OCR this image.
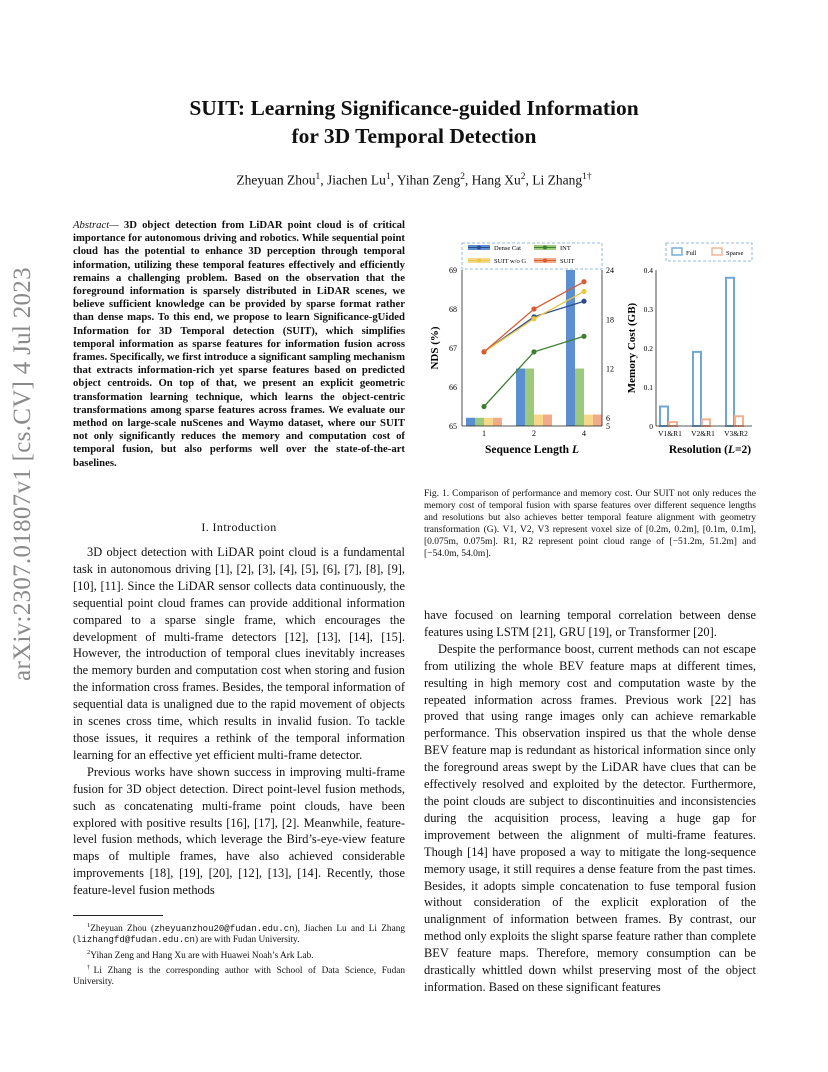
arXiv:2307.01807v1 [cs.CV] 4 Jul 2023
SUIT: Learning Significance-guided Information
for 3D Temporal Detection
Zheyuan Zhou$^1$, Jiachen Lu$^1$, Yihan Zeng$^2$, Hang Xu$^2$, Li Zhang$^{1\dagger}$
Abstract— 3D object detection from LiDAR point cloud is of critical importance for autonomous driving and robotics. While sequential point cloud has the potential to enhance 3D perception through temporal information, utilizing these temporal features effectively and efficiently remains a challenging problem. Based on the observation that the foreground information is sparsely distributed in LiDAR scenes, we believe sufficient knowledge can be provided by sparse format rather than dense maps. To this end, we propose to learn Significance-gUided Information for 3D Temporal detection (SUIT), which simplifies temporal information as sparse features for information fusion across frames. Specifically, we first introduce a significant sampling mechanism that extracts information-rich yet sparse features based on predicted object centroids. On top of that, we present an explicit geometric transformation learning technique, which learns the object-centric transformations among sparse features across frames. We evaluate our method on large-scale nuScenes and Waymo dataset, where our SUIT not only significantly reduces the memory and computation cost of temporal fusion, but also performs well over the state-of-the-art baselines.
I. Introduction

3D object detection with LiDAR point cloud is a fundamental task in autonomous driving [1], [2], [3], [4], [5], [6], [7], [8], [9], [10], [11]. Since the LiDAR sensor collects data continuously, the sequential point cloud frames can provide additional information compared to a sparse single frame, which encourages the development of multi-frame detectors [12], [13], [14], [15]. However, the introduction of temporal clues inevitably increases the memory burden and computation cost when storing and fusion the information cross frames. Besides, the temporal information of sequential data is unaligned due to the rapid movement of objects in scenes cross time, which results in invalid fusion. To tackle those issues, it requires a rethink of the temporal information learning for an effective yet efficient multi-frame detector.

Previous works have shown success in improving multi-frame fusion for 3D object detection. Direct point-level fusion methods, such as concatenating multi-frame point clouds, have been explored with positive results [16], [17], [2]. Meanwhile, feature-level fusion methods, which leverage the Bird’s-eye-view feature maps of multiple frames, have also achieved considerable improvements [18], [19], [20], [12], [13], [14]. Recently, those feature-level fusion methods

$^1$Zheyuan Zhou (zheyuanzhou20@fudan.edu.cn), Jiachen Lu and Li Zhang (lizhangfd@fudan.edu.cn) are with Fudan University.

$^2$Yihan Zeng and Hang Xu are with Huawei Noah’s Ark Lab.

†Li Zhang is the corresponding author with School of Data Science, Fudan University.

65
66
67
68
69
5
6
12
18
24
1	2	4
Sequence Length L
NDS (%)	Memory Cost (GB)
Dense Cat	INT
SUIT w/o G	SUIT
0
0.1
0.2
0.3
0.4
V1&R1 V2&R1 V3&R2
Resolution (L=2)
Full	Sparse
Fig. 1. Comparison of performance and memory cost. Our SUIT not only reduces the memory cost of temporal fusion with sparse features over different sequence lengths and resolutions but also achieves better temporal feature alignment with geometry transformation (G). V1, V2, V3 represent voxel size of [0.2m, 0.2m], [0.1m, 0.1m], [0.075m, 0.075m]. R1, R2 represent point cloud range of [−51.2m, 51.2m] and [−54.0m, 54.0m].

have focused on learning temporal correlation between dense features using LSTM [21], GRU [19], or Transformer [20].

Despite the performance boost, current methods can not escape from utilizing the whole BEV feature maps at different times, resulting in high memory cost and computation waste by the repeated information across frames. Previous work [22] has proved that using range images only can achieve remarkable performance. This observation inspired us that the whole dense BEV feature map is redundant as historical information since only the foreground areas swept by the LiDAR have clues that can be effectively resolved and exploited by the detector. Furthermore, the point clouds are subject to discontinuities and inconsistencies during the acquisition process, leaving a huge gap for improvement between the alignment of multi-frame features. Though [14] have proposed a way to mitigate the long-sequence memory usage, it still requires a dense feature from the past times. Besides, it adopts simple concatenation to fuse temporal fusion without consideration of the explicit exploration of the unalignment of information between frames. By contrast, our method only exploits the slight sparse feature rather than complete BEV feature maps. Therefore, memory consumption can be drastically whittled down whilst preserving most of the object information. Based on these significant features
